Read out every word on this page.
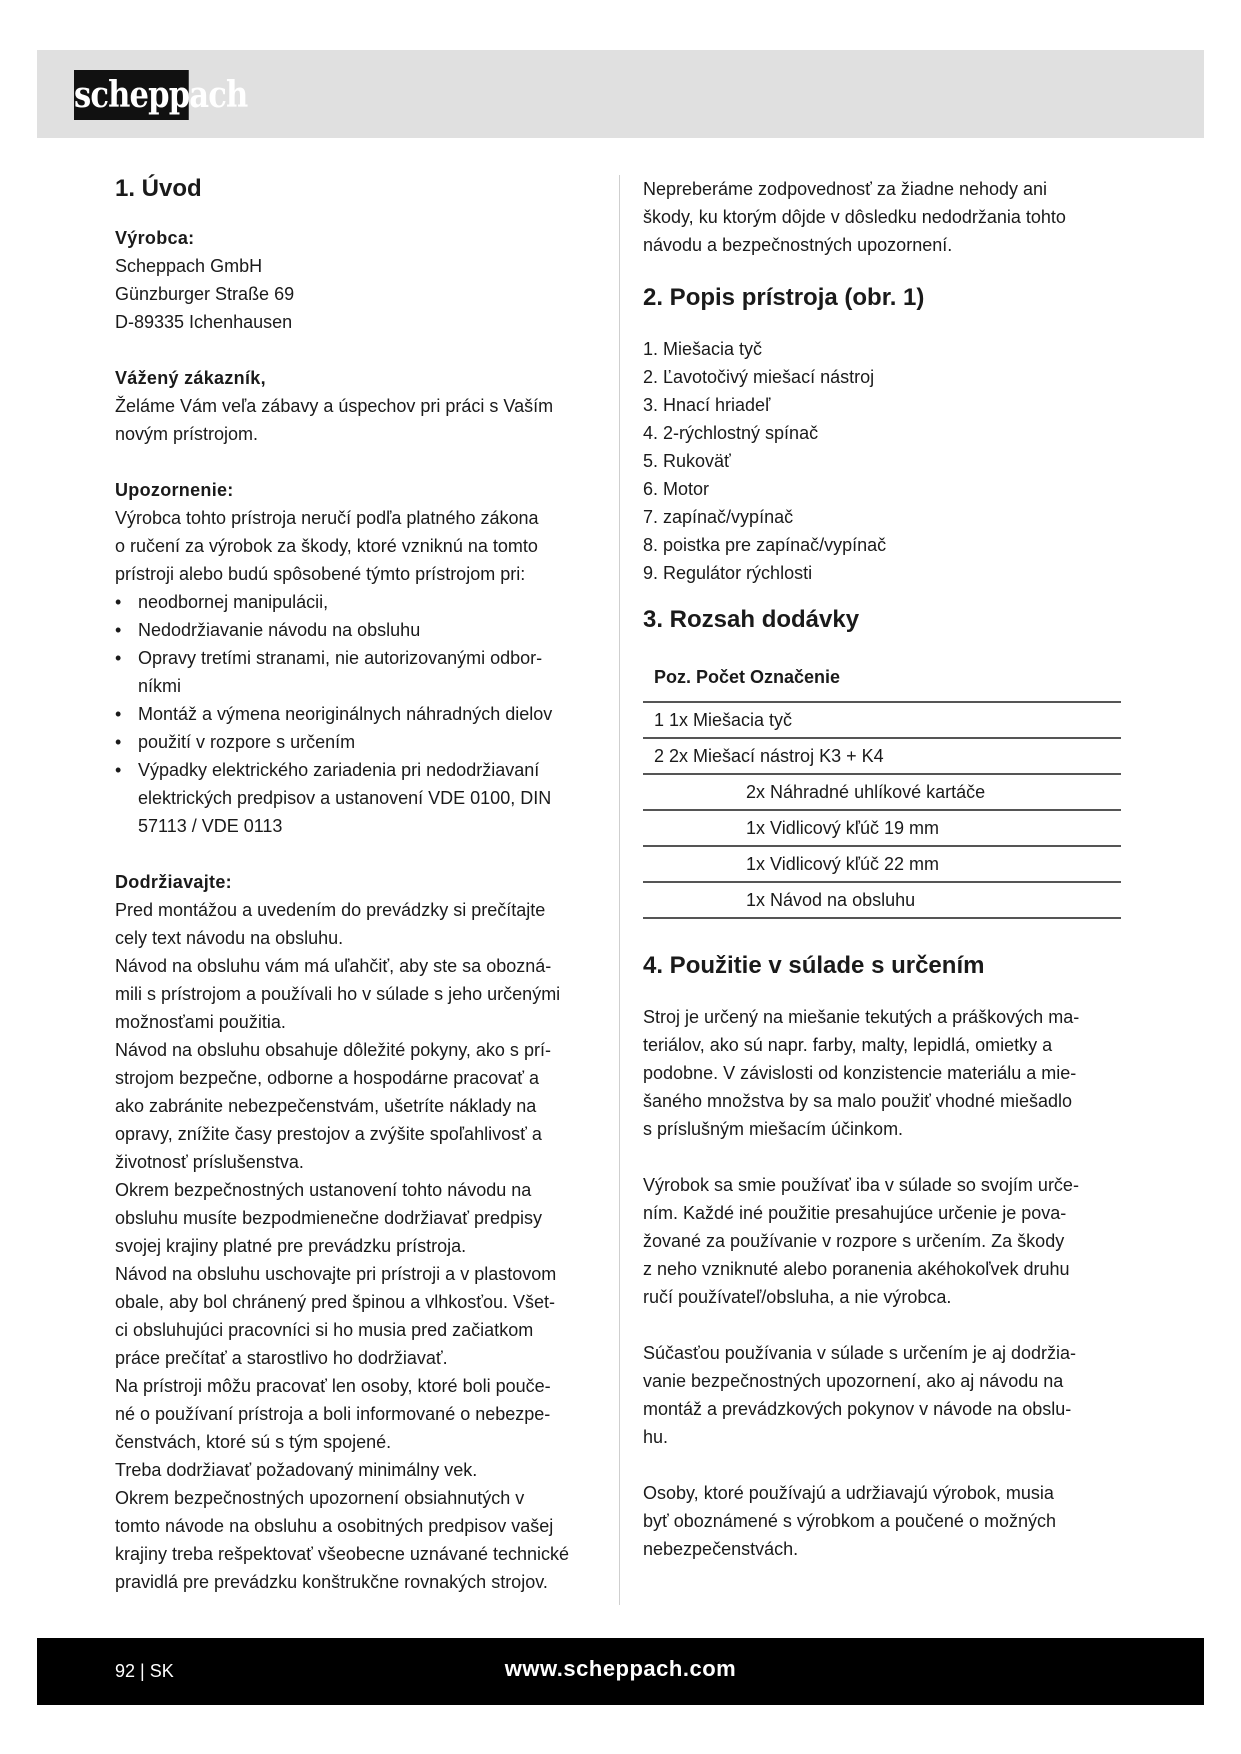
scheppach
1. Úvod
Výrobca:

Scheppach GmbH

Günzburger Straße 69

D-89335 Ichenhausen

Vážený zákazník,

Želáme Vám veľa zábavy a úspechov pri práci s Vaším

novým prístrojom.

Upozornenie:

Výrobca tohto prístroja neručí podľa platného zákona

o ručení za výrobok za škody, ktoré vzniknú na tomto

prístroji alebo budú spôsobené týmto prístrojom pri:

• neodbornej manipulácii,
• Nedodržiavanie návodu na obsluhu
• Opravy tretími stranami, nie autorizovanými odbor-
níkmi
• Montáž a výmena neoriginálnych náhradných dielov
• použití v rozpore s určením
• Výpadky elektrického zariadenia pri nedodržiavaní
elektrických predpisov a ustanovení VDE 0100, DIN
57113 / VDE 0113
Dodržiavajte:

Pred montážou a uvedením do prevádzky si prečítajte

cely text návodu na obsluhu.

Návod na obsluhu vám má uľahčiť, aby ste sa obozná-

mili s prístrojom a používali ho v súlade s jeho určenými

možnosťami použitia.

Návod na obsluhu obsahuje dôležité pokyny, ako s prí-

strojom bezpečne, odborne a hospodárne pracovať a

ako zabránite nebezpečenstvám, ušetríte náklady na

opravy, znížite časy prestojov a zvýšite spoľahlivosť a

životnosť príslušenstva.

Okrem bezpečnostných ustanovení tohto návodu na

obsluhu musíte bezpodmienečne dodržiavať predpisy

svojej krajiny platné pre prevádzku prístroja.

Návod na obsluhu uschovajte pri prístroji a v plastovom

obale, aby bol chránený pred špinou a vlhkosťou. Všet-

ci obsluhujúci pracovníci si ho musia pred začiatkom

práce prečítať a starostlivo ho dodržiavať.

Na prístroji môžu pracovať len osoby, ktoré boli pouče-

né o používaní prístroja a boli informované o nebezpe-

čenstvách, ktoré sú s tým spojené.

Treba dodržiavať požadovaný minimálny vek.

Okrem bezpečnostných upozornení obsiahnutých v

tomto návode na obsluhu a osobitných predpisov vašej

krajiny treba rešpektovať všeobecne uznávané technické

pravidlá pre prevádzku konštrukčne rovnakých strojov.

Nepreberáme zodpovednosť za žiadne nehody ani

škody, ku ktorým dôjde v dôsledku nedodržania tohto

návodu a bezpečnostných upozornení.

2. Popis prístroja (obr. 1)

1. Miešacia tyč

2. Ľavotočivý miešací nástroj

3. Hnací hriadeľ

4. 2-rýchlostný spínač

5. Rukoväť

6. Motor

7. zapínač/vypínač

8. poistka pre zapínač/vypínač

9. Regulátor rýchlosti

3. Rozsah dodávky
Poz. Počet Označenie
1 1x Miešacia tyč
2 2x Miešací nástroj K3 + K4
2x Náhradné uhlíkové kartáče
1x Vidlicový kľúč 19 mm
1x Vidlicový kľúč 22 mm
1x Návod na obsluhu
4. Použitie v súlade s určením

Stroj je určený na miešanie tekutých a práškových ma-

teriálov, ako sú napr. farby, malty, lepidlá, omietky a

podobne. V závislosti od konzistencie materiálu a mie-

šaného množstva by sa malo použiť vhodné miešadlo

s príslušným miešacím účinkom.

Výrobok sa smie používať iba v súlade so svojím urče-

ním. Každé iné použitie presahujúce určenie je pova-

žované za používanie v rozpore s určením. Za škody

z neho vzniknuté alebo poranenia akéhokoľvek druhu

ručí používateľ/obsluha, a nie výrobca.

Súčasťou používania v súlade s určením je aj dodržia-

vanie bezpečnostných upozornení, ako aj návodu na

montáž a prevádzkových pokynov v návode na obslu-

hu.

Osoby, ktoré používajú a udržiavajú výrobok, musia

byť oboznámené s výrobkom a poučené o možných

nebezpečenstvách.

92 | SK	www.scheppach.com
